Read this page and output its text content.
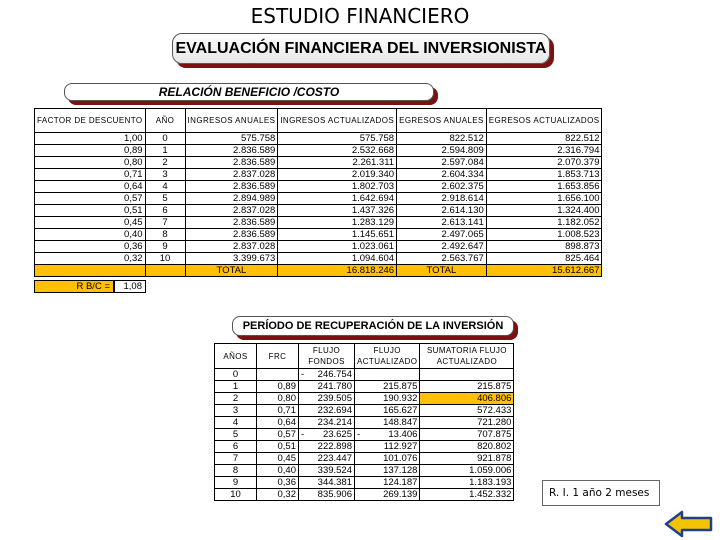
ESTUDIO FINANCIERO
EVALUACIÓN FINANCIERA DEL INVERSIONISTA
RELACIÓN BENEFICIO /COSTO
FACTOR DE DESCUENTO	AÑO	INGRESOS ANUALES	INGRESOS ACTUALIZADOS	EGRESOS ANUALES	EGRESOS ACTUALIZADOS
1,00	0	575.758	575.758	822.512	822.512
0,89	1	2.836.589	2.532.668	2.594.809	2.316.794
0,80	2	2.836.589	2.261.311	2.597.084	2.070.379
0,71	3	2.837.028	2.019.340	2.604.334	1.853.713
0,64	4	2.836.589	1.802.703	2.602.375	1.653.856
0,57	5	2.894.989	1.642.694	2.918.614	1.656.100
0,51	6	2.837.028	1.437.326	2.614.130	1.324.400
0,45	7	2.836.589	1.283.129	2.613.141	1.182.052
0,40	8	2.836.589	1.145.651	2.497.065	1.008.523
0,36	9	2.837.028	1.023.061	2.492.647	898.873
0,32	10	3.399.673	1.094.604	2.563.767	825.464
		TOTAL	16.818.246	TOTAL	15.612.667
R B/C =	1,08
PERÍODO DE RECUPERACIÓN DE LA INVERSIÓN
AÑOS	FRC	FLUJO FONDOS	FLUJO ACTUALIZADO	SUMATORIA FLUJO ACTUALIZADO
0		- 246.754	

1	0,89	241.780	215.875	215.875
2	0,80	239.505	190.932	406.806
3	0,71	232.694	165.627	572.433
4	0,64	234.214	148.847	721.280
5	0,57	- 23.625	- 13.406	707.875
6	0,51	222.898	112.927	820.802
7	0,45	223.447	101.076	921.878
8	0,40	339.524	137.128	1.059.006
9	0,36	344.381	124.187	1.183.193
10	0,32	835.906	269.139	1.452.332	R. I. 1 año 2 meses
